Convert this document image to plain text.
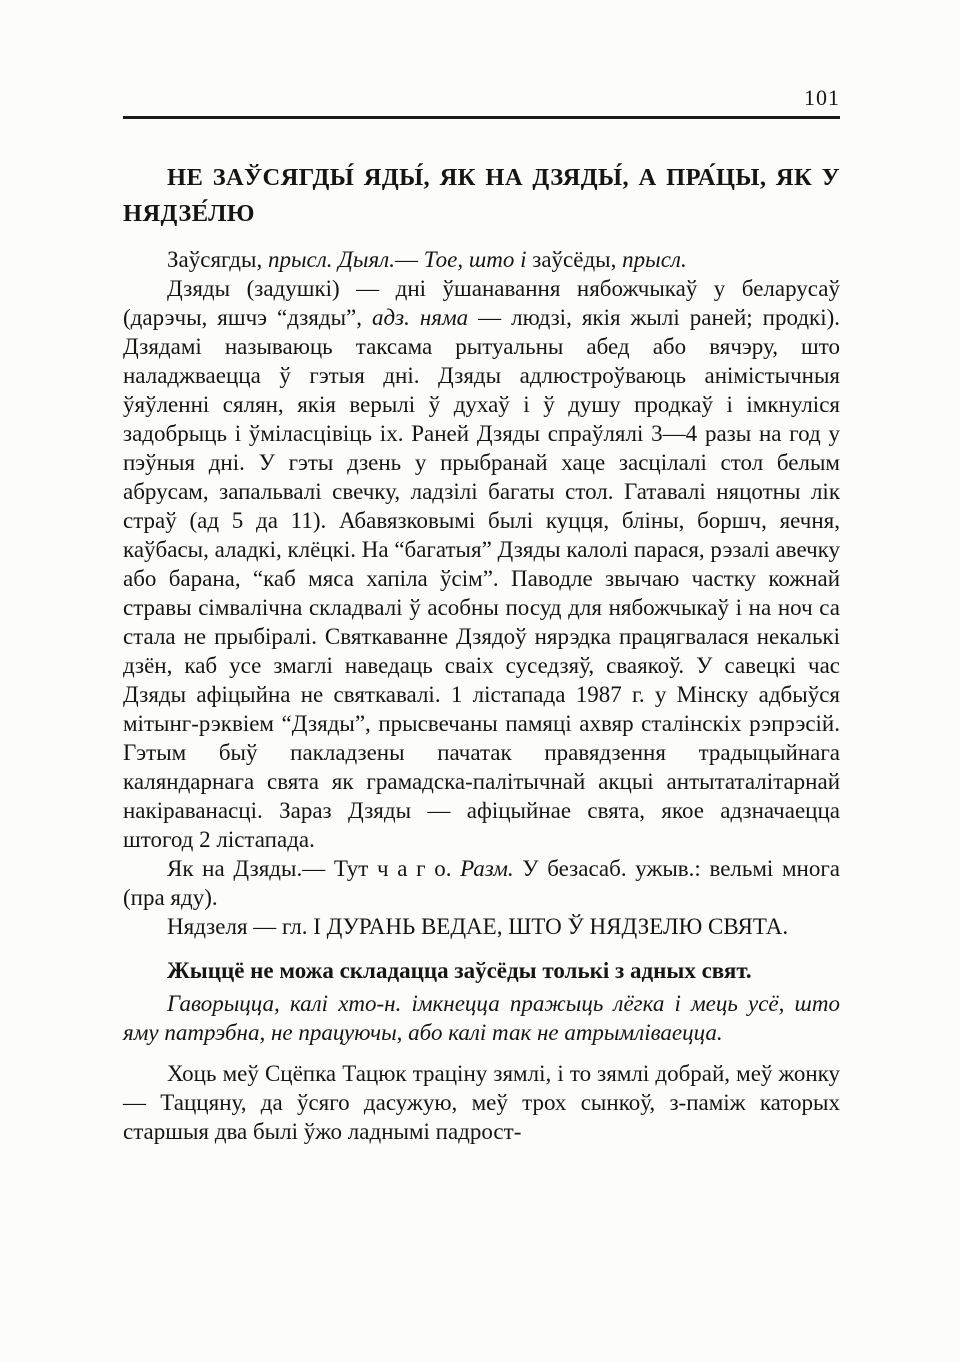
101
НЕ ЗАЎСЯГДЫ́ ЯДЫ́, ЯК НА ДЗЯДЫ́, А ПРА́ЦЫ, ЯК У НЯДЗЕ́ЛЮ

Заўсягды, прысл. Дыял.— Тое, што і заўсёды, прысл.

Дзяды (задушкі) — дні ўшанавання нябожчыкаў у беларусаў (дарэчы, яшчэ “дзяды”, адз. няма — людзі, якія жылі раней; продкі). Дзядамі называюць таксама рытуальны абед або вячэру, што наладжваецца ў гэтыя дні. Дзяды адлюстроўваюць анімістычныя ўяўленні сялян, якія верылі ў духаў і ў душу продкаў і імкнуліся задобрыць і ўміласцівіць іх. Раней Дзяды спраўлялі 3—4 разы на год у пэўныя дні. У гэты дзень у прыбранай хаце засцілалі стол белым абрусам, запальвалі свечку, ладзілі багаты стол. Гатавалі няцотны лік страў (ад 5 да 11). Абавязковымі былі куцця, бліны, боршч, яечня, каўбасы, аладкі, клёцкі. На “багатыя” Дзяды калолі парася, рэзалі авечку або барана, “каб мяса хапіла ўсім”. Паводле звычаю частку кожнай стравы сімвалічна складвалі ў асобны посуд для нябожчыкаў і на ноч са стала не прыбіралі. Святкаванне Дзядоў нярэдка працягвалася некалькі дзён, каб усе змаглі наведаць сваіх суседзяў, сваякоў. У савецкі час Дзяды афіцыйна не святкавалі. 1 лістапада 1987 г. у Мінску адбыўся мітынг-рэквіем “Дзяды”, прысвечаны памяці ахвяр сталінскіх рэпрэсій. Гэтым быў пакладзены пачатак правядзення традыцыйнага каляндарнага свята як грамадска-палітычнай акцыі антытаталітарнай накіраванасці. Зараз Дзяды — афіцыйнае свята, якое адзначаецца штогод 2 лістапада.

Як на Дзяды.— Тут ч а г о. Разм. У безасаб. ужыв.: вельмі многа (пра яду).

Нядзеля — гл. І ДУРАНЬ ВЕДАЕ, ШТО Ў НЯДЗЕЛЮ СВЯТА.

Жыццё не можа складацца заўсёды толькі з адных свят.

Гаворыцца, калі хто-н. імкнецца пражыць лёгка і мець усё, што яму патрэбна, не працуючы, або калі так не атрымліваецца.

Хоць меў Сцёпка Тацюк траціну зямлі, і то зямлі добрай, меў жонку — Таццяну, да ўсяго дасужую, меў трох сынкоў, з-паміж каторых старшыя два былі ўжо ладнымі падрост-
